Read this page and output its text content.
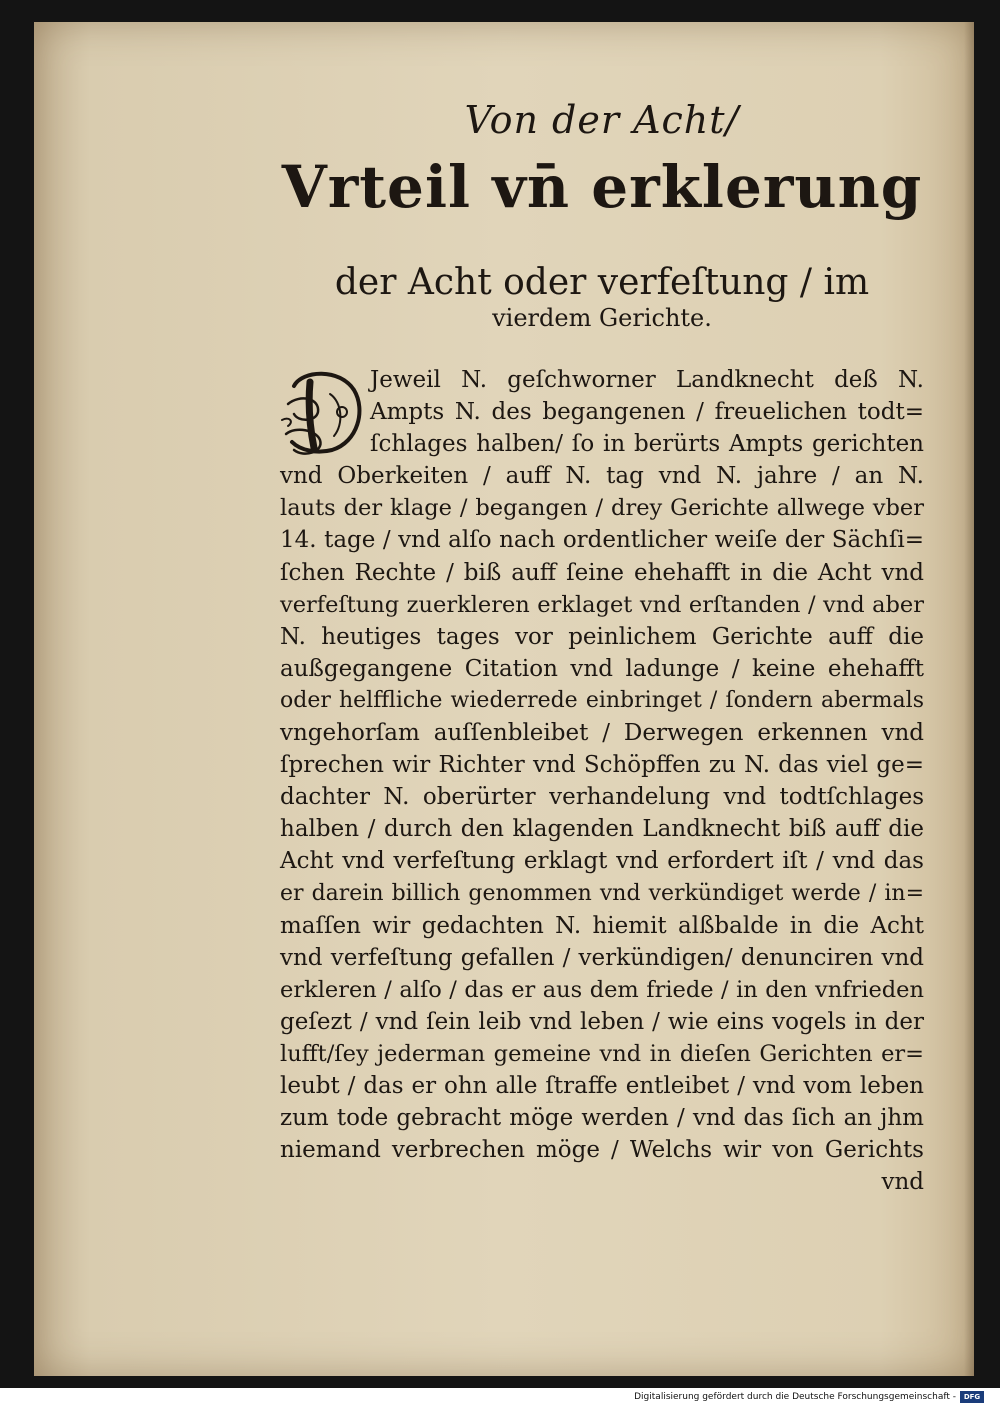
Von der Acht/
Vrteil vn̄ erklerung
der Acht oder verfeſtung / im
vierdem Gerichte.
Jeweil N. geſchworner Landknecht deß N.
Ampts N. des begangenen / freuelichen todt=
ſchlages halben/ ſo in berürts Ampts gerichten
vnd Oberkeiten / auff N. tag vnd N. jahre / an N.
lauts der klage / begangen / drey Gerichte allwege vber
14. tage / vnd alſo nach ordentlicher weiſe der Sächſi=
ſchen Rechte / biß auff ſeine ehehafft in die Acht vnd
verfeſtung zuerkleren erklaget vnd erſtanden / vnd aber
N. heutiges tages vor peinlichem Gerichte auff die
außgegangene Citation vnd ladunge / keine ehehafft
oder helffliche wiederrede einbringet / ſondern abermals
vngehorſam auſſenbleibet / Derwegen erkennen vnd
ſprechen wir Richter vnd Schöpffen zu N. das viel ge=
dachter N. oberürter verhandelung vnd todtſchlages
halben / durch den klagenden Landknecht biß auff die
Acht vnd verfeſtung erklagt vnd erfordert iſt / vnd das
er darein billich genommen vnd verkündiget werde / in=
maſſen wir gedachten N. hiemit alßbalde in die Acht
vnd verfeſtung gefallen / verkündigen/ denunciren vnd
erkleren / alſo / das er aus dem friede / in den vnfrieden
geſezt / vnd ſein leib vnd leben / wie eins vogels in der
lufft/ſey jederman gemeine vnd in dieſen Gerichten er=
leubt / das er ohn alle ſtraffe entleibet / vnd vom leben
zum tode gebracht möge werden / vnd das ſich an jhm
niemand verbrechen möge / Welchs wir von Gerichts
vnd
Digitalisierung gefördert durch die Deutsche Forschungsgemeinschaft -	DFG
